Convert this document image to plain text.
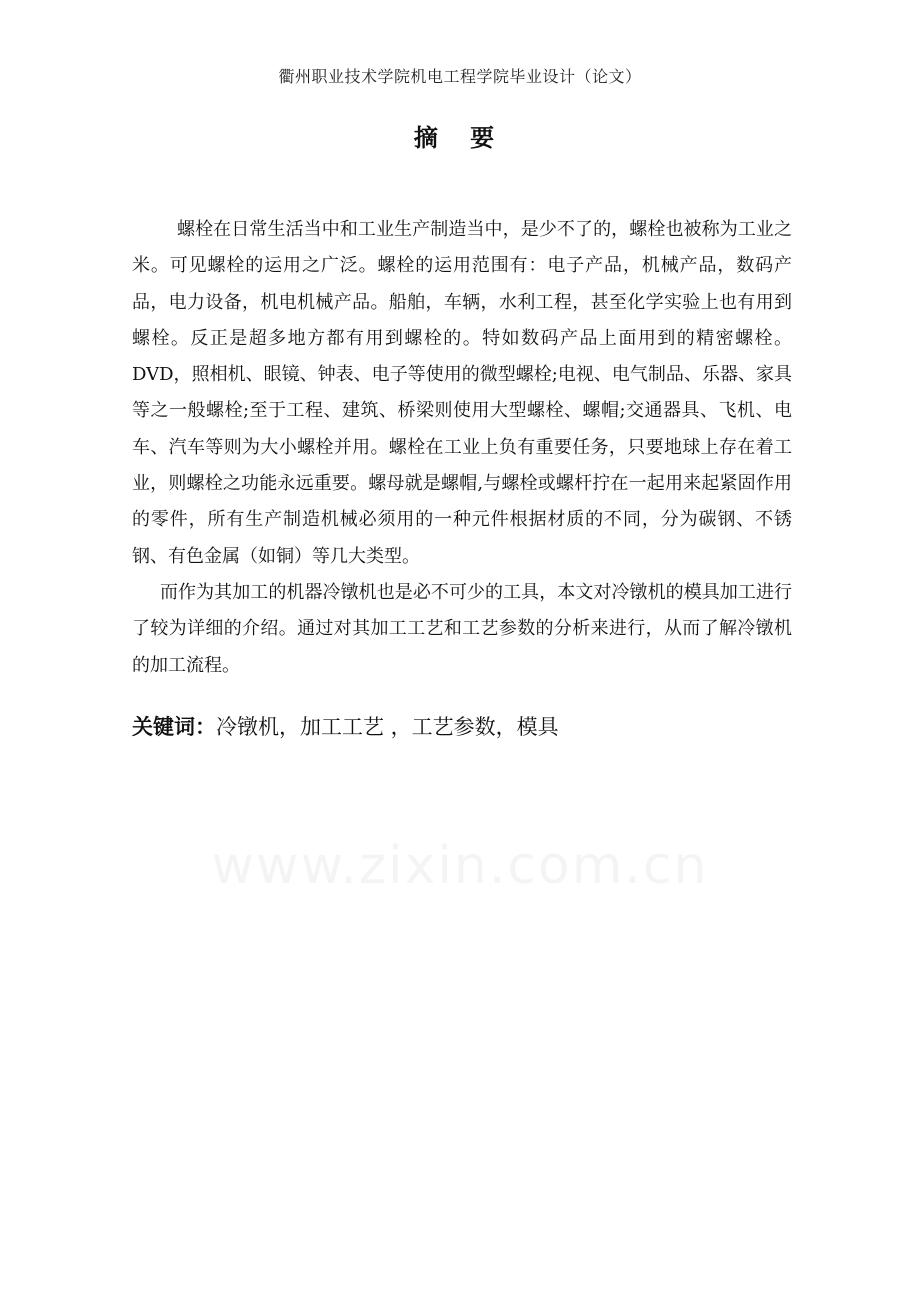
衢州职业技术学院机电工程学院毕业设计（论文）
摘 要

螺栓在日常生活当中和工业生产制造当中，是少不了的，螺栓也被称为工业之米。可见螺栓的运用之广泛。螺栓的运用范围有：电子产品，机械产品，数码产品，电力设备，机电机械产品。船舶，车辆，水利工程，甚至化学实验上也有用到螺栓。反正是超多地方都有用到螺栓的。特如数码产品上面用到的精密螺栓。DVD，照相机、眼镜、钟表、电子等使用的微型螺栓;电视、电气制品、乐器、家具等之一般螺栓;至于工程、建筑、桥梁则使用大型螺栓、螺帽;交通器具、飞机、电车、汽车等则为大小螺栓并用。螺栓在工业上负有重要任务，只要地球上存在着工业，则螺栓之功能永远重要。螺母就是螺帽,与螺栓或螺杆拧在一起用来起紧固作用的零件，所有生产制造机械必须用的一种元件根据材质的不同，分为碳钢、不锈钢、有色金属（如铜）等几大类型。

而作为其加工的机器冷镦机也是必不可少的工具，本文对冷镦机的模具加工进行了较为详细的介绍。通过对其加工工艺和工艺参数的分析来进行，从而了解冷镦机的加工流程。

关键词：冷镦机，加工工艺 ，工艺参数，模具
